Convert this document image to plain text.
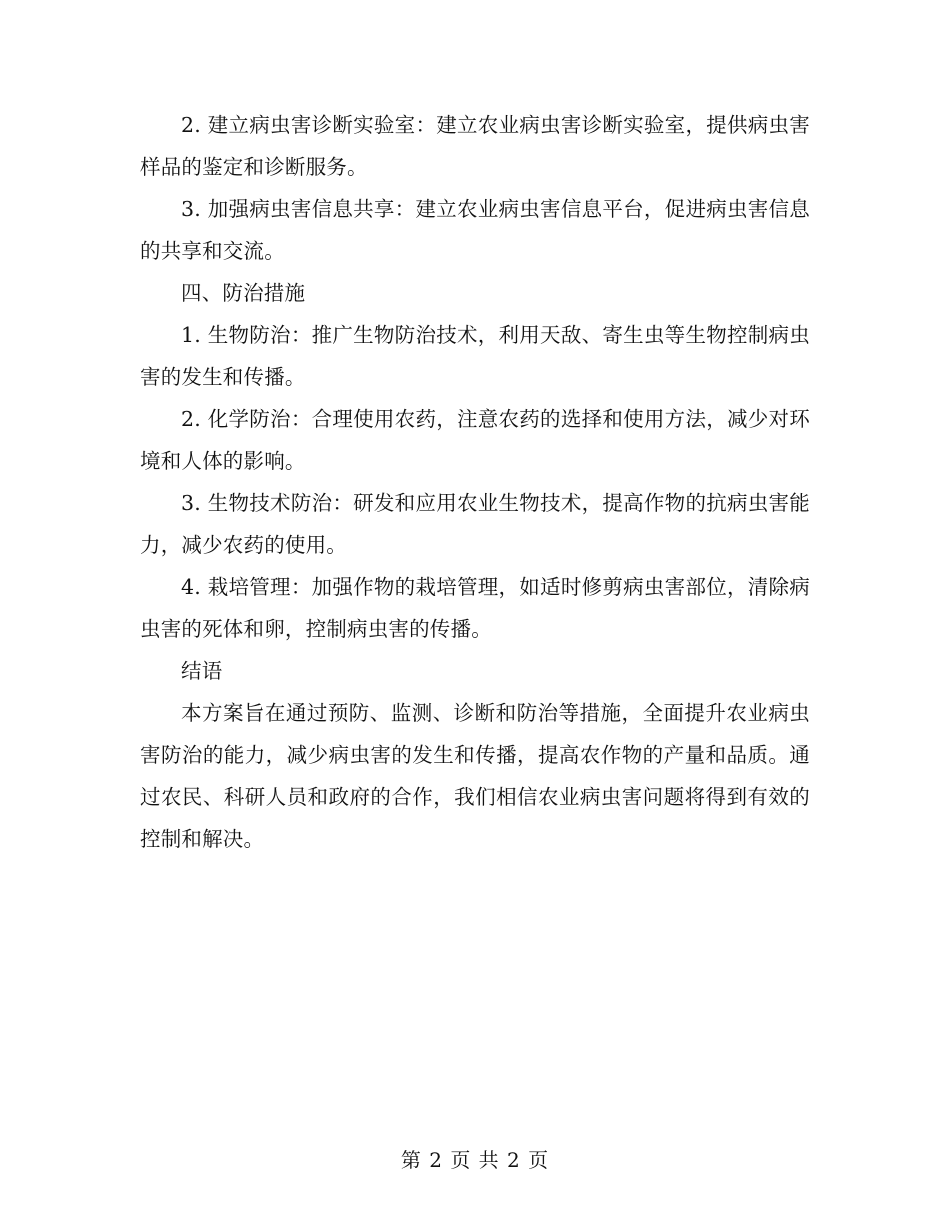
2. 建立病虫害诊断实验室：建立农业病虫害诊断实验室，提供病虫害样品的鉴定和诊断服务。

3. 加强病虫害信息共享：建立农业病虫害信息平台，促进病虫害信息的共享和交流。

四、防治措施

1. 生物防治：推广生物防治技术，利用天敌、寄生虫等生物控制病虫害的发生和传播。

2. 化学防治：合理使用农药，注意农药的选择和使用方法，减少对环境和人体的影响。

3. 生物技术防治：研发和应用农业生物技术，提高作物的抗病虫害能力，减少农药的使用。

4. 栽培管理：加强作物的栽培管理，如适时修剪病虫害部位，清除病虫害的死体和卵，控制病虫害的传播。

结语

本方案旨在通过预防、监测、诊断和防治等措施，全面提升农业病虫害防治的能力，减少病虫害的发生和传播，提高农作物的产量和品质。通过农民、科研人员和政府的合作，我们相信农业病虫害问题将得到有效的控制和解决。

第 2 页 共 2 页
